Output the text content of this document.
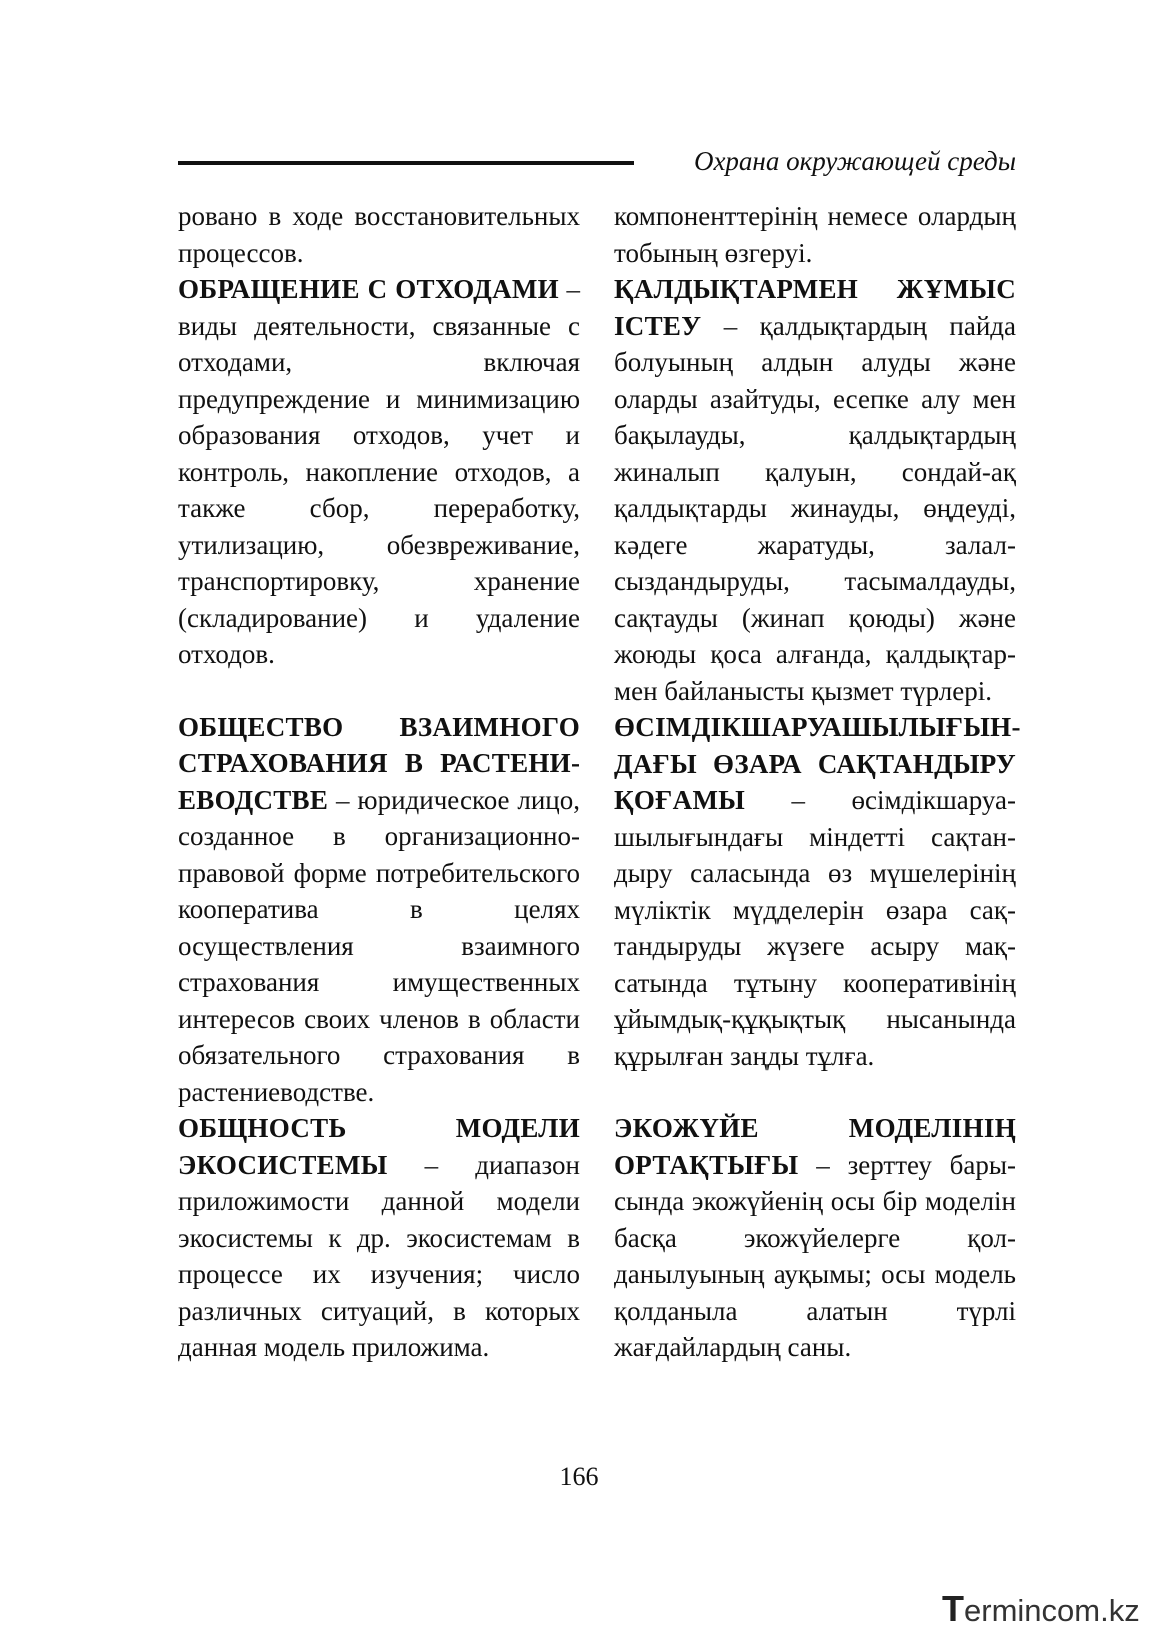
Охрана окружающей среды

ровано в ходе восстановительных процессов.

ОБРАЩЕНИЕ С ОТХОДАМИ – виды деятельности, связанные с отходами, включая предупреждение и минимизацию образования отходов, учет и контроль, накопление отходов, а также сбор, переработку, утилизацию, обезвреживание, транспортировку, хранение (складирование) и удаление отходов.

ОБЩЕСТВО ВЗАИМНОГО СТРАХОВАНИЯ В РАСТЕНИЕВОДСТВЕ – юридическое лицо, созданное в организационно-правовой форме потребительского кооператива в целях осуществления взаимного страхования имущественных интересов своих членов в области обязательного страхования в растениеводстве.

ОБЩНОСТЬ МОДЕЛИ ЭКОСИСТЕМЫ – диапазон приложимости данной модели экосистемы к др. экосистемам в процессе их изучения; число различных ситуаций, в которых данная модель приложима.

компоненттерінің немесе олардың тобының өзгеруі.

ҚАЛДЫҚТАРМЕН ЖҰМЫС ІСТЕУ – қалдықтардың пайда болуының алдын алуды және оларды азайтуды, есепке алу мен бақылауды, қалдықтардың жиналып қалуын, сондай-ақ қалдықтарды жинауды, өңдеуді, кәдеге жаратуды, залалсыздандыруды, тасымалдауды, сақтауды (жинап қоюды) және жоюды қоса алғанда, қалдықтармен байланысты қызмет түрлері.

ӨСІМДІКШАРУАШЫЛЫҒЫНДАҒЫ ӨЗАРА САҚТАНДЫРУ ҚОҒАМЫ – өсімдікшаруашылығындағы міндетті сақтандыру саласында өз мүшелерінің мүліктік мүдделерін өзара сақтандыруды жүзеге асыру мақсатында тұтыну кооперативінің ұйымдық-құқықтық нысанында құрылған заңды тұлға.

ЭКОЖҮЙЕ МОДЕЛІНІҢ ОРТАҚТЫҒЫ – зерттеу барысында экожүйенің осы бір моделін басқа экожүйелерге қолданылуының ауқымы; осы модель қолданыла алатын түрлі жағдайлардың саны.

166
Termincom.kz
